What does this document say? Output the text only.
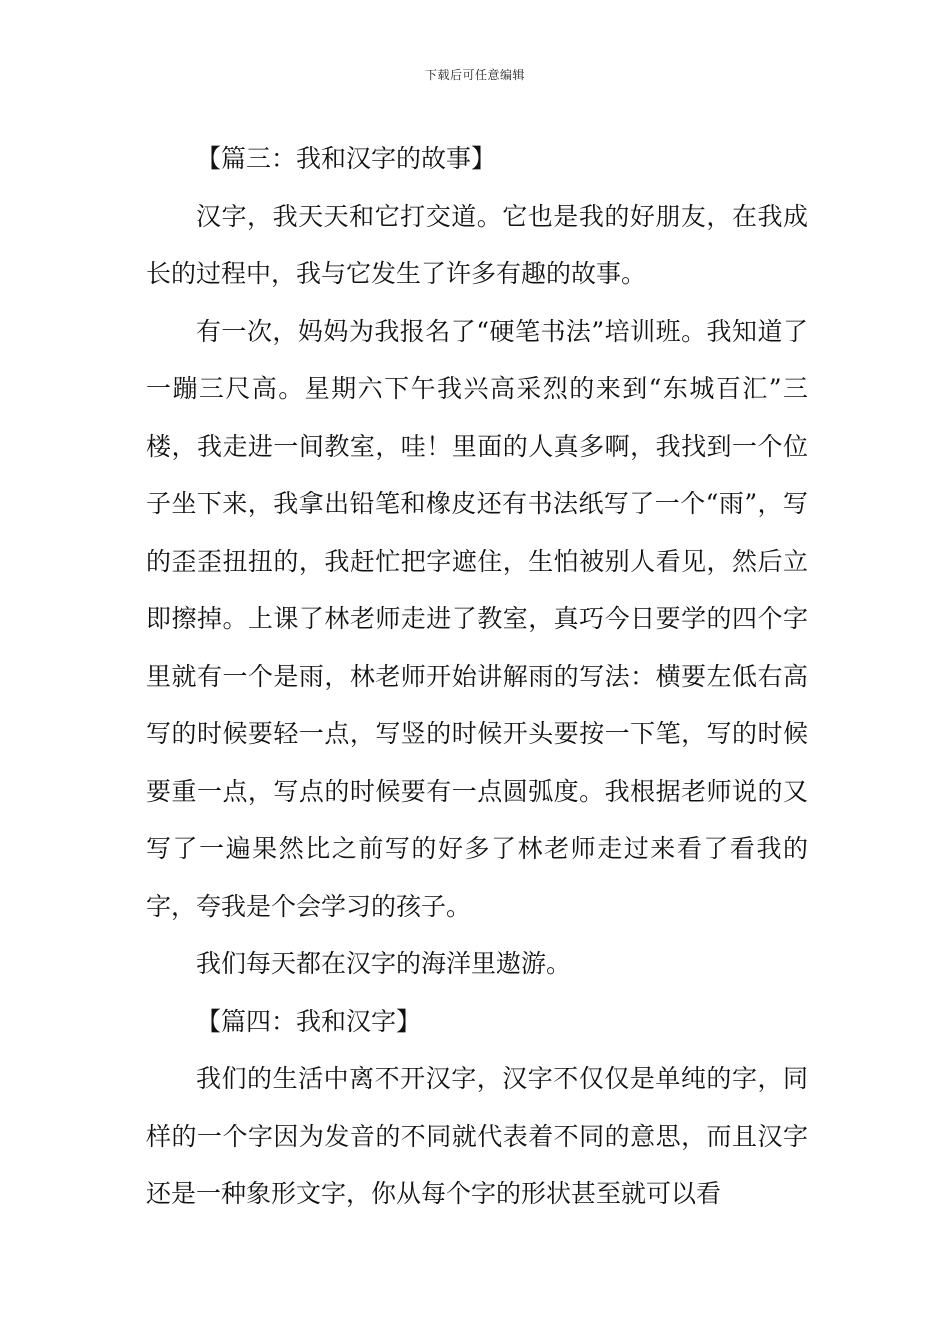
下载后可任意编辑

【篇三：我和汉字的故事】

汉字，我天天和它打交道。它也是我的好朋友，在我成长的过程中，我与它发生了许多有趣的故事。

有一次，妈妈为我报名了“硬笔书法”培训班。我知道了一蹦三尺高。星期六下午我兴高采烈的来到“东城百汇”三楼，我走进一间教室，哇！里面的人真多啊，我找到一个位子坐下来，我拿出铅笔和橡皮还有书法纸写了一个“雨”，写的歪歪扭扭的，我赶忙把字遮住，生怕被别人看见，然后立即擦掉。上课了林老师走进了教室，真巧今日要学的四个字里就有一个是雨，林老师开始讲解雨的写法：横要左低右高写的时候要轻一点，写竖的时候开头要按一下笔，写的时候要重一点，写点的时候要有一点圆弧度。我根据老师说的又写了一遍果然比之前写的好多了林老师走过来看了看我的字，夸我是个会学习的孩子。

我们每天都在汉字的海洋里遨游。

【篇四：我和汉字】

我们的生活中离不开汉字，汉字不仅仅是单纯的字，同样的一个字因为发音的不同就代表着不同的意思，而且汉字还是一种象形文字，你从每个字的形状甚至就可以看
